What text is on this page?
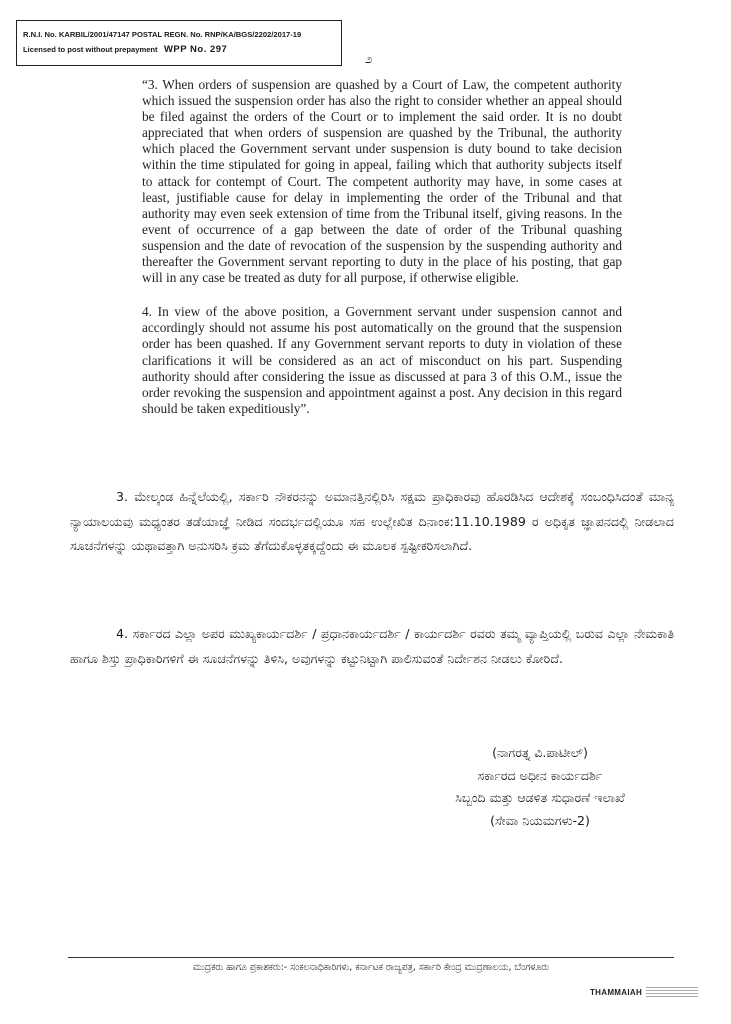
R.N.I. No. KARBIL/2001/47147 POSTAL REGN. No. RNP/KA/BGS/2202/2017-19
Licensed to post without prepayment WPP No. 297
೨

“3. When orders of suspension are quashed by a Court of Law, the competent authority which issued the suspension order has also the right to consider whether an appeal should be filed against the orders of the Court or to implement the said order. It is no doubt appreciated that when orders of suspension are quashed by the Tribunal, the authority which placed the Government servant under suspension is duty bound to take decision within the time stipulated for going in appeal, failing which that authority subjects itself to attack for contempt of Court. The competent authority may have, in some cases at least, justifiable cause for delay in implementing the order of the Tribunal and that authority may even seek extension of time from the Tribunal itself, giving reasons. In the event of occurrence of a gap between the date of order of the Tribunal quashing suspension and the date of revocation of the suspension by the suspending authority and thereafter the Government servant reporting to duty in the place of his posting, that gap will in any case be treated as duty for all purpose, if otherwise eligible.

4. In view of the above position, a Government servant under suspension cannot and accordingly should not assume his post automatically on the ground that the suspension order has been quashed. If any Government servant reports to duty in violation of these clarifications it will be considered as an act of misconduct on his part. Suspending authority should after considering the issue as discussed at para 3 of this O.M., issue the order revoking the suspension and appointment against a post. Any decision in this regard should be taken expeditiously”.

3. ಮೇಲ್ಕಂಡ ಹಿನ್ನೆಲೆಯಲ್ಲಿ, ಸರ್ಕಾರಿ ನೌಕರನನ್ನು ಅಮಾನತ್ತಿನಲ್ಲಿರಿಸಿ ಸಕ್ಷಮ ಪ್ರಾಧಿಕಾರವು ಹೊರಡಿಸಿದ ಆದೇಶಕ್ಕೆ ಸಂಬಂಧಿಸಿದಂತೆ ಮಾನ್ಯ ನ್ಯಾಯಾಲಯವು ಮಧ್ಯಂತರ ತಡೆಯಾಜ್ಞೆ ನೀಡಿದ ಸಂದರ್ಭದಲ್ಲಿಯೂ ಸಹ ಉಲ್ಲೇಖಿತ ದಿನಾಂಕ:11.10.1989 ರ ಅಧಿಕೃತ ಜ್ಞಾಪನದಲ್ಲಿ ನೀಡಲಾದ ಸೂಚನೆಗಳನ್ನು ಯಥಾವತ್ತಾಗಿ ಅನುಸರಿಸಿ ಕ್ರಮ ತೆಗೆದುಕೊಳ್ಳತಕ್ಕದ್ದೆಂದು ಈ ಮೂಲಕ ಸ್ಪಷ್ಟೀಕರಿಸಲಾಗಿದೆ.

4. ಸರ್ಕಾರದ ಎಲ್ಲಾ ಅಪರ ಮುಖ್ಯಕಾರ್ಯದರ್ಶಿ / ಪ್ರಧಾನಕಾರ್ಯದರ್ಶಿ / ಕಾರ್ಯದರ್ಶಿ ರವರು ತಮ್ಮ ವ್ಯಾಪ್ತಿಯಲ್ಲಿ ಬರುವ ಎಲ್ಲಾ ನೇಮಕಾತಿ ಹಾಗೂ ಶಿಸ್ತು ಪ್ರಾಧಿಕಾರಿಗಳಿಗೆ ಈ ಸೂಚನೆಗಳನ್ನು ತಿಳಿಸಿ, ಅವುಗಳನ್ನು ಕಟ್ಟುನಿಟ್ಟಾಗಿ ಪಾಲಿಸುವಂತೆ ನಿರ್ದೇಶನ ನೀಡಲು ಕೋರಿದೆ.

(ನಾಗರತ್ನ ವಿ.ಪಾಟೀಲ್)
ಸರ್ಕಾರದ ಅಧೀನ ಕಾರ್ಯದರ್ಶಿ
ಸಿಬ್ಬಂದಿ ಮತ್ತು ಆಡಳಿತ ಸುಧಾರಣೆ ಇಲಾಖೆ
(ಸೇವಾ ನಿಯಮಗಳು-2)
ಮುದ್ರಕರು ಹಾಗೂ ಪ್ರಕಾಶಕರು:- ಸಂಕಲನಾಧಿಕಾರಿಗಳು, ಕರ್ನಾಟಕ ರಾಜ್ಯಪತ್ರ, ಸರ್ಕಾರಿ ಕೇಂದ್ರ ಮುದ್ರಣಾಲಯ, ಬೆಂಗಳೂರು
THAMMAIAH
